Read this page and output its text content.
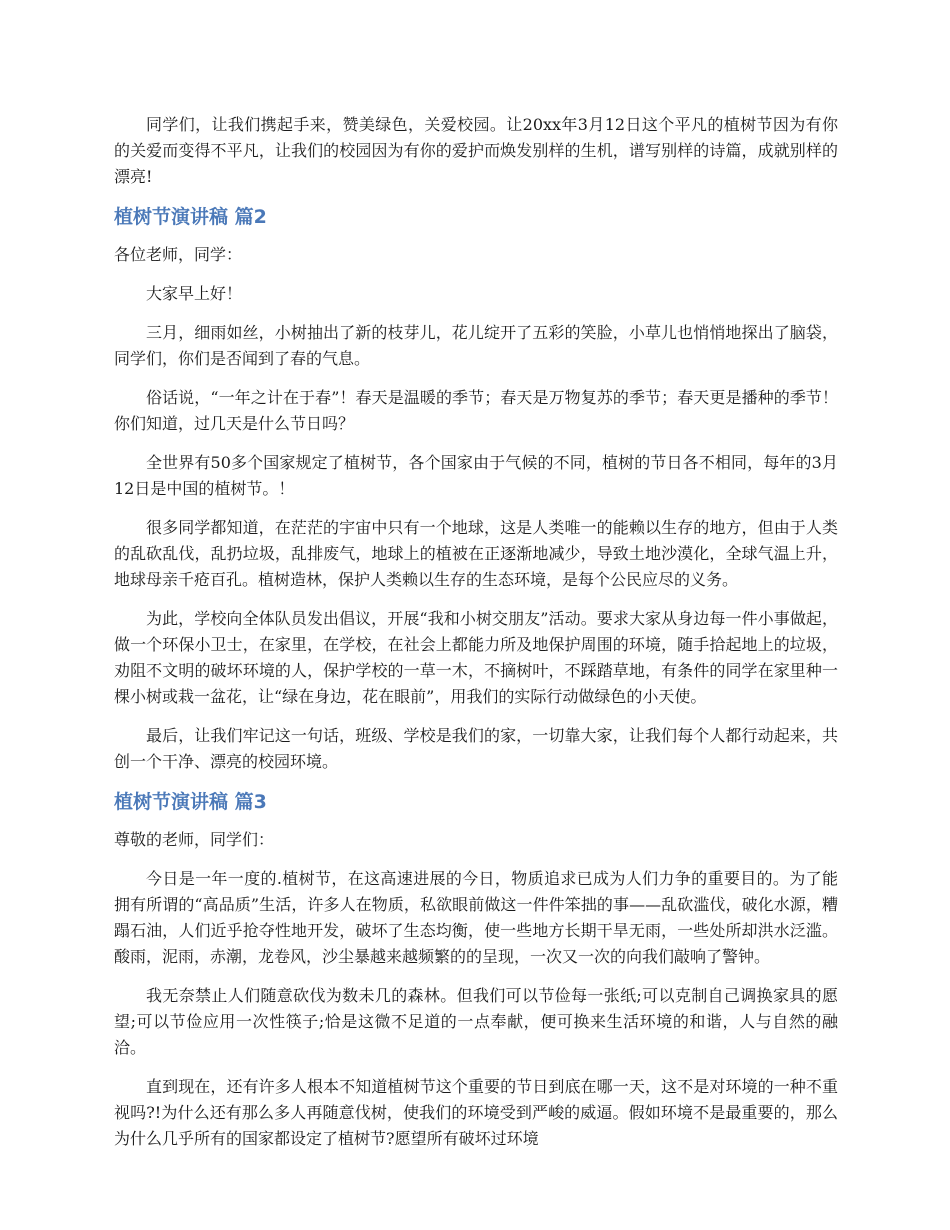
同学们，让我们携起手来，赞美绿色，关爱校园。让20xx年3月12日这个平凡的植树节因为有你的关爱而变得不平凡，让我们的校园因为有你的爱护而焕发别样的生机，谱写别样的诗篇，成就别样的漂亮!

植树节演讲稿 篇2

各位老师，同学：

大家早上好！

三月，细雨如丝，小树抽出了新的枝芽儿，花儿绽开了五彩的笑脸，小草儿也悄悄地探出了脑袋，同学们，你们是否闻到了春的气息。

俗话说，“一年之计在于春”！春天是温暖的季节；春天是万物复苏的季节；春天更是播种的季节！你们知道，过几天是什么节日吗？

全世界有50多个国家规定了植树节，各个国家由于气候的不同，植树的节日各不相同，每年的3月12日是中国的植树节。！

很多同学都知道，在茫茫的宇宙中只有一个地球，这是人类唯一的能赖以生存的地方，但由于人类的乱砍乱伐，乱扔垃圾，乱排废气，地球上的植被在正逐渐地减少，导致土地沙漠化，全球气温上升，地球母亲千疮百孔。植树造林，保护人类赖以生存的生态环境，是每个公民应尽的义务。

为此，学校向全体队员发出倡议，开展“我和小树交朋友”活动。要求大家从身边每一件小事做起，做一个环保小卫士，在家里，在学校，在社会上都能力所及地保护周围的环境，随手拾起地上的垃圾，劝阻不文明的破坏环境的人，保护学校的一草一木，不摘树叶，不踩踏草地，有条件的同学在家里种一棵小树或栽一盆花，让“绿在身边，花在眼前”，用我们的实际行动做绿色的小天使。

最后，让我们牢记这一句话，班级、学校是我们的家，一切靠大家，让我们每个人都行动起来，共创一个干净、漂亮的校园环境。

植树节演讲稿 篇3

尊敬的老师，同学们：

今日是一年一度的.植树节，在这高速进展的今日，物质追求已成为人们力争的重要目的。为了能拥有所谓的“高品质”生活，许多人在物质，私欲眼前做这一件件笨拙的事——乱砍滥伐，破化水源，糟蹋石油，人们近乎抢夺性地开发，破坏了生态均衡，使一些地方长期干旱无雨，一些处所却洪水泛滥。酸雨，泥雨，赤潮，龙卷风，沙尘暴越来越频繁的的呈现，一次又一次的向我们敲响了警钟。

我无奈禁止人们随意砍伐为数未几的森林。但我们可以节俭每一张纸;可以克制自己调换家具的愿望;可以节俭应用一次性筷子;恰是这微不足道的一点奉献，便可换来生活环境的和谐，人与自然的融洽。

直到现在，还有许多人根本不知道植树节这个重要的节日到底在哪一天，这不是对环境的一种不重视吗?!为什么还有那么多人再随意伐树，使我们的环境受到严峻的威逼。假如环境不是最重要的，那么为什么几乎所有的国家都设定了植树节?愿望所有破坏过环境
